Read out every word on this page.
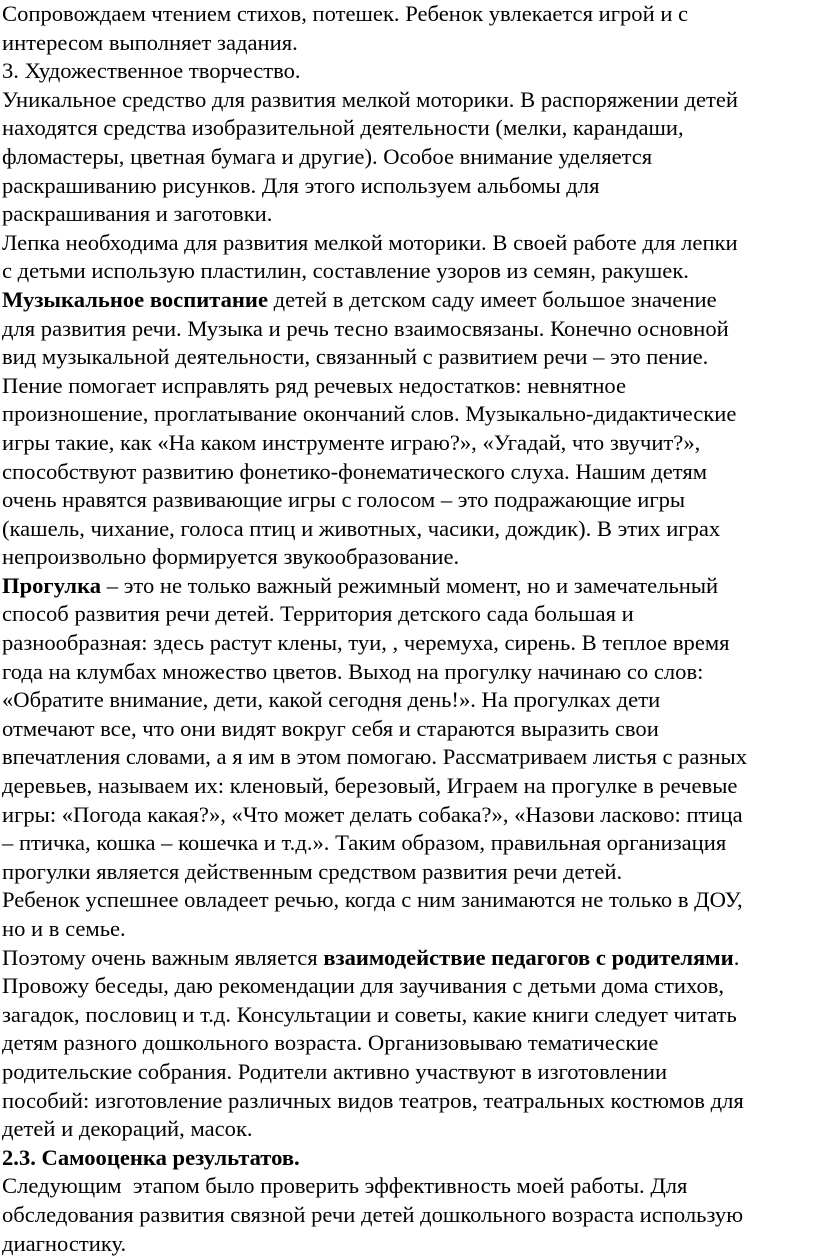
Сопровождаем чтением стихов, потешек. Ребенок увлекается игрой и с
интересом выполняет задания.
3. Художественное творчество.
Уникальное средство для развития мелкой моторики. В распоряжении детей
находятся средства изобразительной деятельности (мелки, карандаши,
фломастеры, цветная бумага и другие). Особое внимание уделяется
раскрашиванию рисунков. Для этого используем альбомы для
раскрашивания и заготовки.
Лепка необходима для развития мелкой моторики. В своей работе для лепки
с детьми использую пластилин, составление узоров из семян, ракушек.
Музыкальное воспитание детей в детском саду имеет большое значение
для развития речи. Музыка и речь тесно взаимосвязаны. Конечно основной
вид музыкальной деятельности, связанный с развитием речи – это пение.
Пение помогает исправлять ряд речевых недостатков: невнятное
произношение, проглатывание окончаний слов. Музыкально-дидактические
игры такие, как «На каком инструменте играю?», «Угадай, что звучит?»,
способствуют развитию фонетико-фонематического слуха. Нашим детям
очень нравятся развивающие игры с голосом – это подражающие игры
(кашель, чихание, голоса птиц и животных, часики, дождик). В этих играх
непроизвольно формируется звукообразование.
Прогулка – это не только важный режимный момент, но и замечательный
способ развития речи детей. Территория детского сада большая и
разнообразная: здесь растут клены, туи, , черемуха, сирень. В теплое время
года на клумбах множество цветов. Выход на прогулку начинаю со слов:
«Обратите внимание, дети, какой сегодня день!». На прогулках дети
отмечают все, что они видят вокруг себя и стараются выразить свои
впечатления словами, а я им в этом помогаю. Рассматриваем листья с разных
деревьев, называем их: кленовый, березовый, Играем на прогулке в речевые
игры: «Погода какая?», «Что может делать собака?», «Назови ласково: птица
– птичка, кошка – кошечка и т.д.». Таким образом, правильная организация
прогулки является действенным средством развития речи детей.
Ребенок успешнее овладеет речью, когда с ним занимаются не только в ДОУ,
но и в семье.
Поэтому очень важным является взаимодействие педагогов с родителями.
Провожу беседы, даю рекомендации для заучивания с детьми дома стихов,
загадок, пословиц и т.д. Консультации и советы, какие книги следует читать
детям разного дошкольного возраста. Организовываю тематические
родительские собрания. Родители активно участвуют в изготовлении
пособий: изготовление различных видов театров, театральных костюмов для
детей и декораций, масок.
2.3. Самооценка результатов.
Следующим  этапом было проверить эффективность моей работы. Для
обследования развития связной речи детей дошкольного возраста использую
диагностику.
